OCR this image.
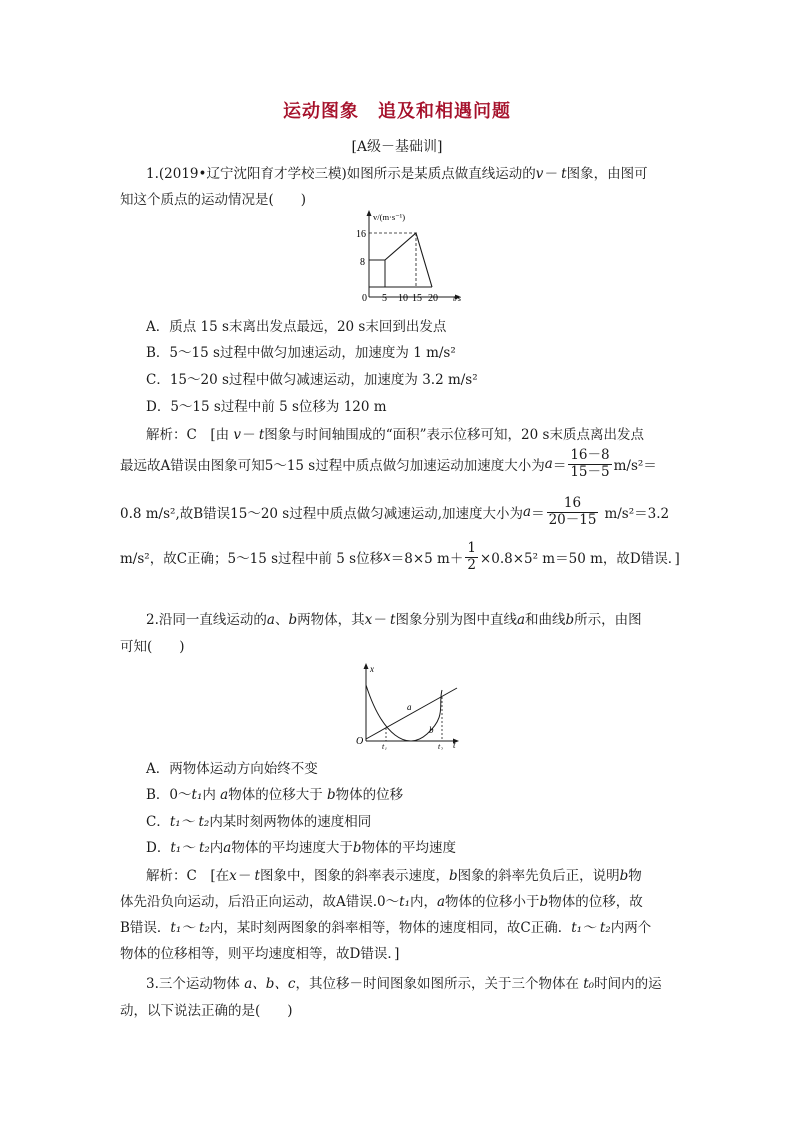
运动图象　追及和相遇问题
[A级－基础训]
1.(2019•辽宁沈阳育才学校三模)如图所示是某质点做直线运动的v－ t图象，由图可
知这个质点的运动情况是(　　)
v/(m·s⁻¹)
t/s
16
8
0 5 10 15 20
A．质点 15 s末离出发点最远，20 s末回到出发点
B．5～15 s过程中做匀加速运动，加速度为 1 m/s²
C．15～20 s过程中做匀减速运动，加速度为 3.2 m/s²
D．5～15 s过程中前 5 s位移为 120 m
解析：C　[由 v－ t图象与时间轴围成的“面积”表示位移可知，20 s末质点离出发点
最远故A错误由图象可知5～15 s过程中质点做匀加速运动加速度大小为 $a = \frac{16-8}{15-5} m/s^2=$
0.8 m/s²,故B错误15～20 s过程中质点做匀减速运动,加速度大小为 $a = \frac{16}{20-15} m/s^2=3.2$
m/s²，故C正确；5～15 s过程中前 5 s位移 x ＝8×5 $m+ \frac{1}{2} \times 0.8\times 5^2$ m＝50 m，故D错误．]
2.沿同一直线运动的a、b两物体，其x－ t图象分别为图中直线a和曲线b所示，由图
可知(　　)
x
t
O
a
b
t₁	t₂
A．两物体运动方向始终不变
B．0～t₁内 a物体的位移大于 b物体的位移
C．t₁～ t₂内某时刻两物体的速度相同
D．t₁～ t₂内a物体的平均速度大于b物体的平均速度
解析：C　[在x－ t图象中，图象的斜率表示速度，b图象的斜率先负后正，说明b物
体先沿负向运动，后沿正向运动，故A错误.0～t₁内，a物体的位移小于b物体的位移，故
B错误．t₁～ t₂内，某时刻两图象的斜率相等，物体的速度相同，故C正确．t₁～ t₂内两个
物体的位移相等，则平均速度相等，故D错误．]
3.三个运动物体 a、b、c，其位移－时间图象如图所示，关于三个物体在 t₀时间内的运
动，以下说法正确的是(　　)
